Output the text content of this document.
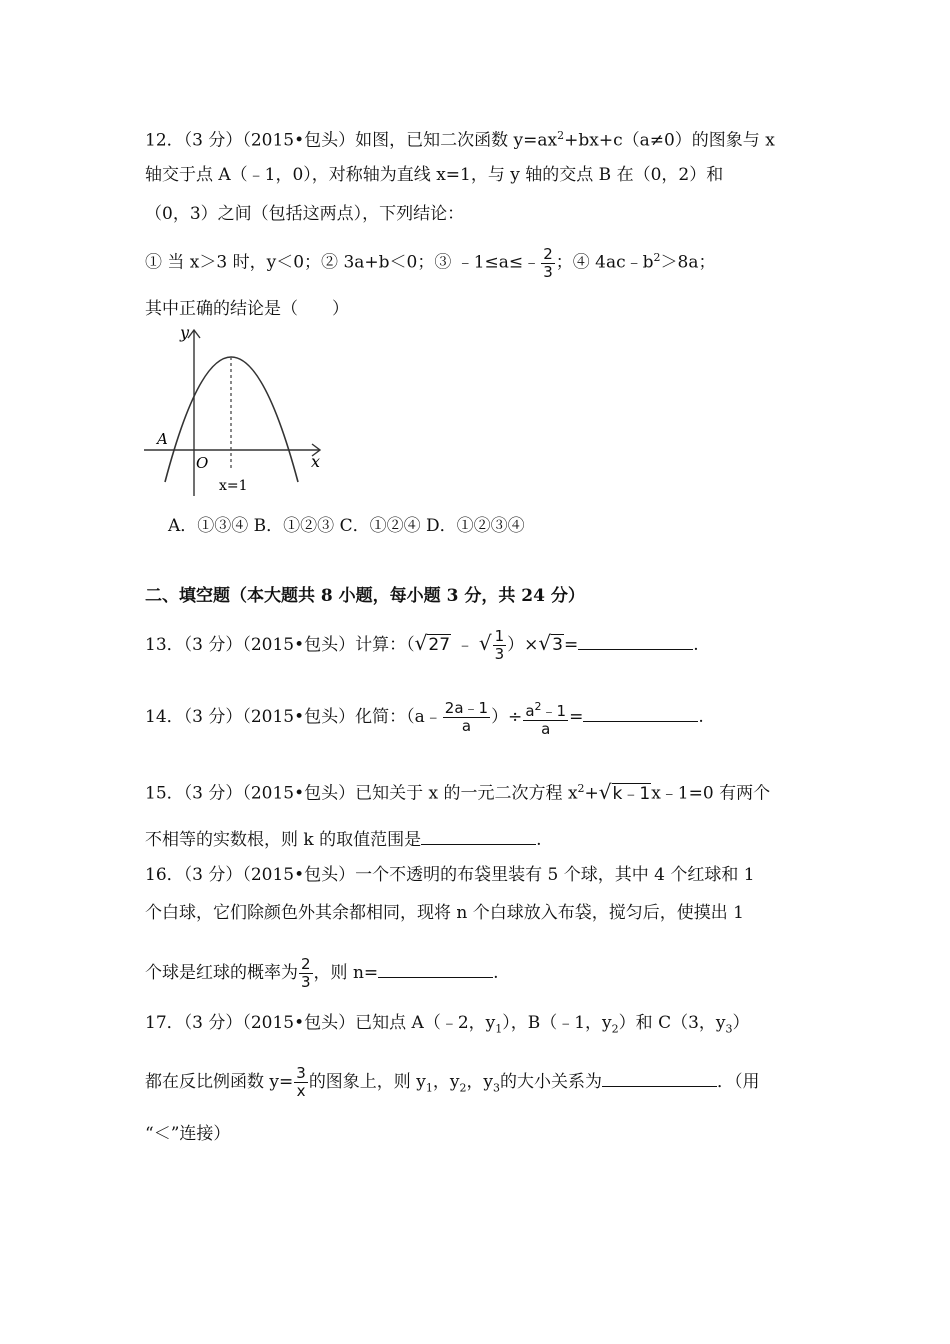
12．（3 分）（2015•包头）如图，已知二次函数 $y=ax^2+bx+c(a\ne 0)$的图象与 x
轴交于点 A（﹣1，0），对称轴为直线 x=1，与 y 轴的交点 B 在（0，2）和
（0，3）之间（包括这两点），下列结论：
① 当 x＞3 时，y＜0；② 3a+b＜0；③ ﹣1≤a≤﹣ $\frac{2}{3}$ ；④ $4ac﹣b^2>8a$；
其中正确的结论是（　　）
y
x
O
A
x=1
A．①③④ B．①②③ C．①②④ D．①②③④
二、填空题（本大题共 8 小题，每小题 3 分，共 24 分）
13．（3 分）（2015•包头）计算：（√27 ﹣ √ $\frac{1}{3} )\times√3=$	.
14．（3 分）（2015•包头）化简：（a﹣ $\frac{2a﹣1}{a}$ ）÷ $\frac{a^2﹣1}{a}$ =	.
15．（3 分）（2015•包头）已知关于 x 的一元二次方程 $x^2+√k﹣1x﹣1=0$ 有两个
不相等的实数根，则 k 的取值范围是	.
16．（3 分）（2015•包头）一个不透明的布袋里装有 5 个球，其中 4 个红球和 1
个白球，它们除颜色外其余都相同，现将 n 个白球放入布袋，搅匀后，使摸出 1
个球是红球的概率为 $\frac{2}{3}$ ，则 n=	.
17．（3 分）（2015•包头）已知点 A（﹣2，$y_1$），B（﹣1，$y_2$）和 C（3，$y_3$）
都在反比例函数 $y= \frac{3}{x}$ 的图象上，则 $y_1$，$y_2$，$y_3$的大小关系为	．（用
“＜”连接）
